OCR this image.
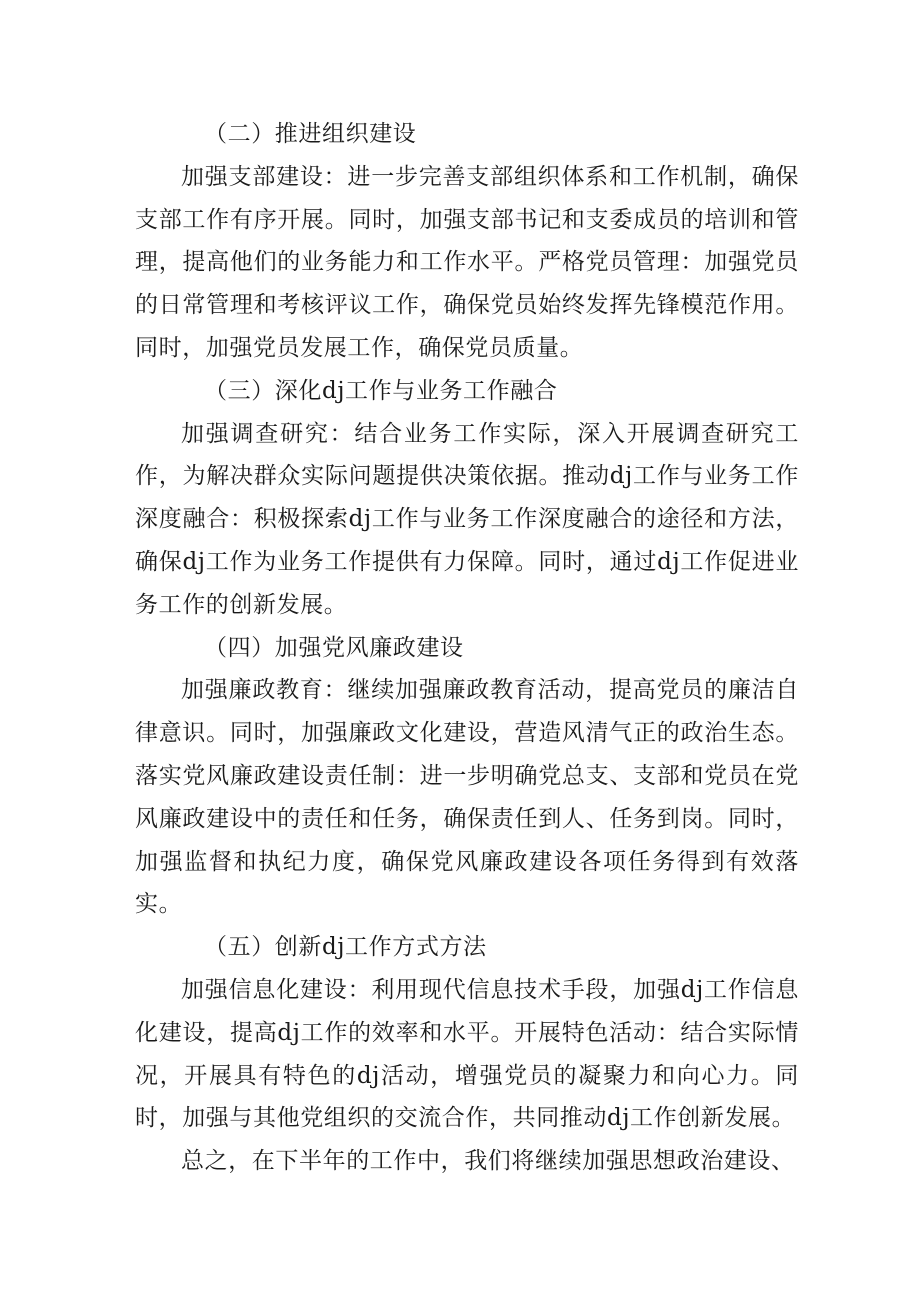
（二）推进组织建设

加强支部建设：进一步完善支部组织体系和工作机制，确保支部工作有序开展。同时，加强支部书记和支委成员的培训和管理，提高他们的业务能力和工作水平。严格党员管理：加强党员的日常管理和考核评议工作，确保党员始终发挥先锋模范作用。同时，加强党员发展工作，确保党员质量。

（三）深化dj工作与业务工作融合

加强调查研究：结合业务工作实际，深入开展调查研究工作，为解决群众实际问题提供决策依据。推动dj工作与业务工作深度融合：积极探索dj工作与业务工作深度融合的途径和方法，确保dj工作为业务工作提供有力保障。同时，通过dj工作促进业务工作的创新发展。

（四）加强党风廉政建设

加强廉政教育：继续加强廉政教育活动，提高党员的廉洁自律意识。同时，加强廉政文化建设，营造风清气正的政治生态。落实党风廉政建设责任制：进一步明确党总支、支部和党员在党风廉政建设中的责任和任务，确保责任到人、任务到岗。同时，加强监督和执纪力度，确保党风廉政建设各项任务得到有效落实。

（五）创新dj工作方式方法

加强信息化建设：利用现代信息技术手段，加强dj工作信息化建设，提高dj工作的效率和水平。开展特色活动：结合实际情况，开展具有特色的dj活动，增强党员的凝聚力和向心力。同时，加强与其他党组织的交流合作，共同推动dj工作创新发展。

总之，在下半年的工作中，我们将继续加强思想政治建设、
